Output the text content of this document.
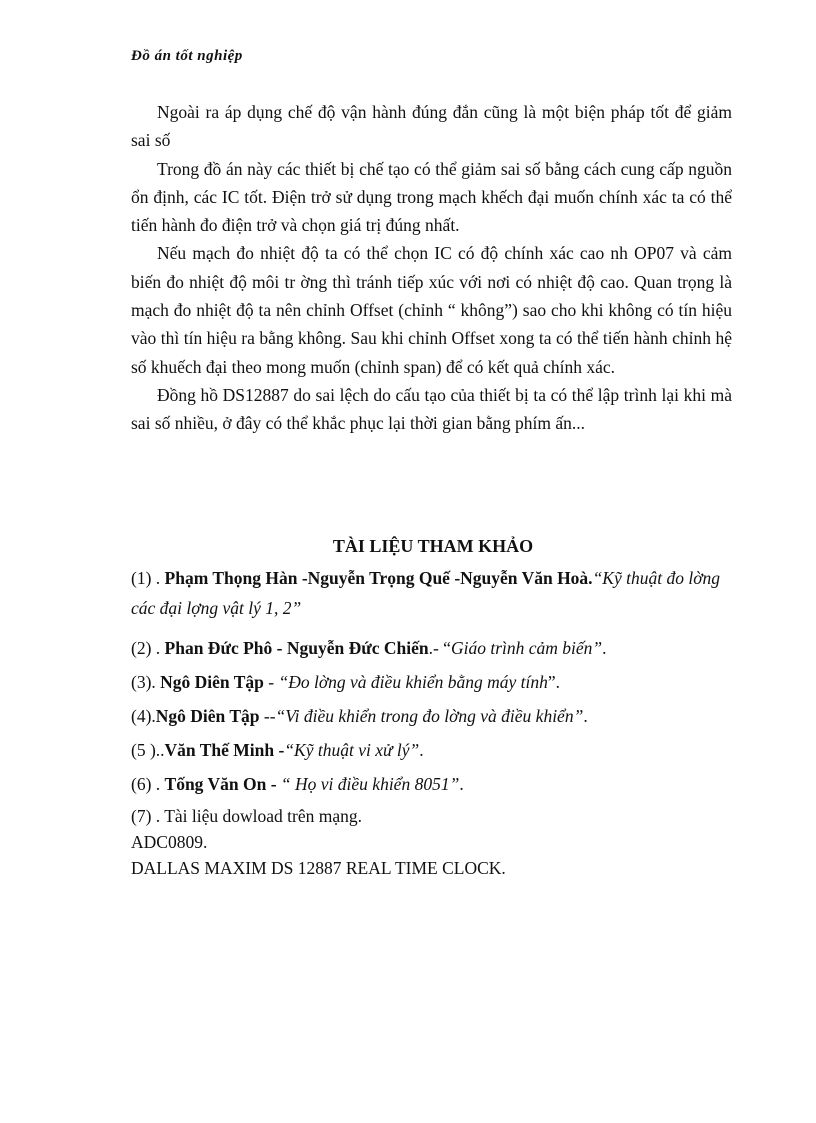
Đồ án tốt nghiệp

Ngoài ra áp dụng chế độ vận hành đúng đắn cũng là một biện pháp tốt để giảm sai số

Trong đồ án này các thiết bị chế tạo có thể giảm sai số bằng cách cung cấp nguồn ổn định, các IC tốt. Điện trở sử dụng trong mạch khếch đại muốn chính xác ta có thể tiến hành đo điện trở và chọn giá trị đúng nhất.

Nếu mạch đo nhiệt độ ta có thể chọn IC có độ chính xác cao nh OP07 và cảm biến đo nhiệt độ môi tr ờng thì tránh tiếp xúc với nơi có nhiệt độ cao. Quan trọng là mạch đo nhiệt độ ta nên chỉnh Offset (chỉnh “ không”) sao cho khi không có tín hiệu vào thì tín hiệu ra bằng không. Sau khi chỉnh Offset xong ta có thể tiến hành chỉnh hệ số khuếch đại theo mong muốn (chỉnh span) để có kết quả chính xác.

Đồng hồ DS12887 do sai lệch do cấu tạo của thiết bị ta có thể lập trình lại khi mà sai số nhiều, ở đây có thể khắc phục lại thời gian bằng phím ấn...

TÀI LIỆU THAM KHẢO
(1) . Phạm Thọng Hàn -Nguyễn Trọng Quế -Nguyễn Văn Hoà.“Kỹ thuật đo lờng các đại lợng vật lý 1, 2”
(2) . Phan Đức Phô - Nguyễn Đức Chiến.- “Giáo trình cảm biến”.
(3). Ngô Diên Tập - “Đo lờng và điều khiển bằng máy tính”.
(4).Ngô Diên Tập --“Vi điều khiển trong đo lờng và điều khiển”.
(5 )..Văn Thế Minh -“Kỹ thuật vi xử lý”.
(6) . Tống Văn On - “ Họ vi điều khiển 8051”.
(7) . Tài liệu dowload trên mạng.
ADC0809.
DALLAS MAXIM DS 12887 REAL TIME CLOCK.
